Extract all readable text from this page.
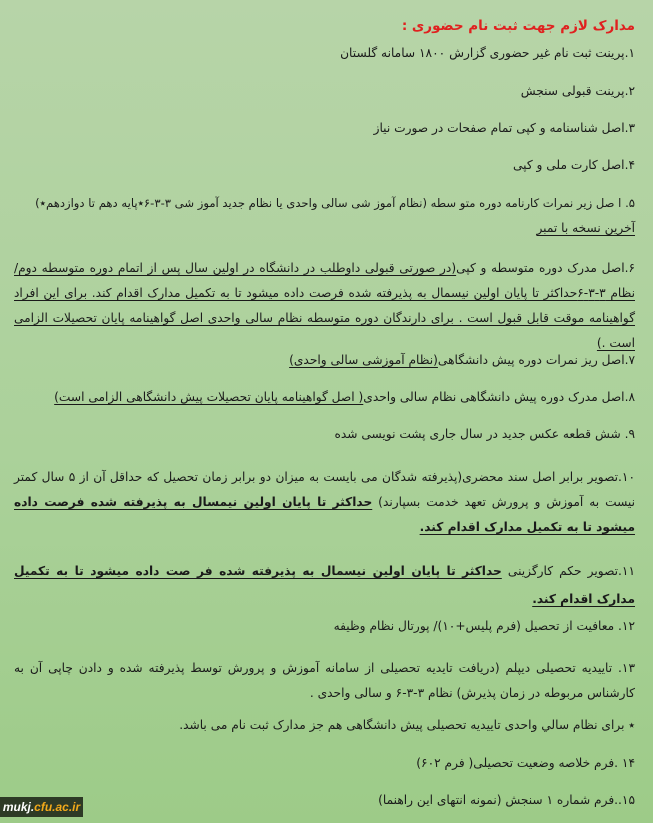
مدارک لازم جهت ثبت نام حضوری :

۱.پرینت ثبت نام غیر حضوری گزارش ۱۸۰۰ سامانه گلستان

۲.پرینت قبولی سنجش

۳.اصل شناسنامه و کپی تمام صفحات در صورت نیاز

۴.اصل کارت ملی و کپی

۵. ا صل زیر نمرات کارنامه دوره متو سطه (نظام آموز شی سالی واحدی یا نظام جدید آموز شی ۳-۳-۶٭پایه دهم تا دوازدهم٭)
آخرین نسخه با تمبر
۶.اصل مدرک دوره متوسطه و کپی(در صورتی قبولی داوطلب در دانشگاه در اولین سال پس از اتمام دوره متوسطه دوم/ نظام ۳-۳-۶حداکثر تا پایان اولین نیسمال به پذیرفته شده فرصت داده میشود تا به تکمیل مدارک اقدام کند. برای این افراد گواهینامه موقت قابل قبول است . برای دارندگان دوره متوسطه نظام سالی واحدی اصل گواهینامه پایان تحصیلات الزامی است .)
۷.اصل ریز نمرات دوره پیش دانشگاهی(نظام آموزشی سالی واحدی)
۸.اصل مدرک دوره پیش دانشگاهی نظام سالی واحدی( اصل گواهینامه پایان تحصیلات پیش دانشگاهی الزامی است)

۹. شش قطعه عکس جدید در سال جاری پشت نویسی شده

۱۰.تصویر برابر اصل سند محضری(پذیرفته شدگان می بایست به میزان دو برابر زمان تحصیل که حداقل آن از ۵ سال کمتر نیست به آموزش و پرورش تعهد خدمت بسپارند) حداکثر تا پایان اولین نیمسال به پذیرفته شده فرصت داده میشود تا به تکمیل مدارک اقدام کند.
۱۱.تصویر حکم کارگزینی حداکثر تا پایان اولین نیسمال به پذیرفته شده فر صت داده میشود تا به تکمیل مدارک اقدام کند.

۱۲. معافیت از تحصیل (فرم پلیس+۱۰)/ پورتال نظام وظیفه

۱۳. تاییدیه تحصیلی دیپلم (دریافت تایدیه تحصیلی از سامانه آموزش و پرورش توسط پذیرفته شده و دادن چاپی آن به کارشناس مربوطه در زمان پذیرش) نظام ۳-۳-۶ و سالی واحدی .

٭ برای نظام سالي واحدی تاييديه تحصيلی پيش دانشگاهی هم جز مدارک ثبت نام می باشد.

۱۴ .فرم خلاصه وضعیت تحصیلی( فرم ۶۰۲)

۱۵..فرم شماره ۱ سنجش (نمونه انتهای این راهنما)

mukj.cfu.ac.ir
